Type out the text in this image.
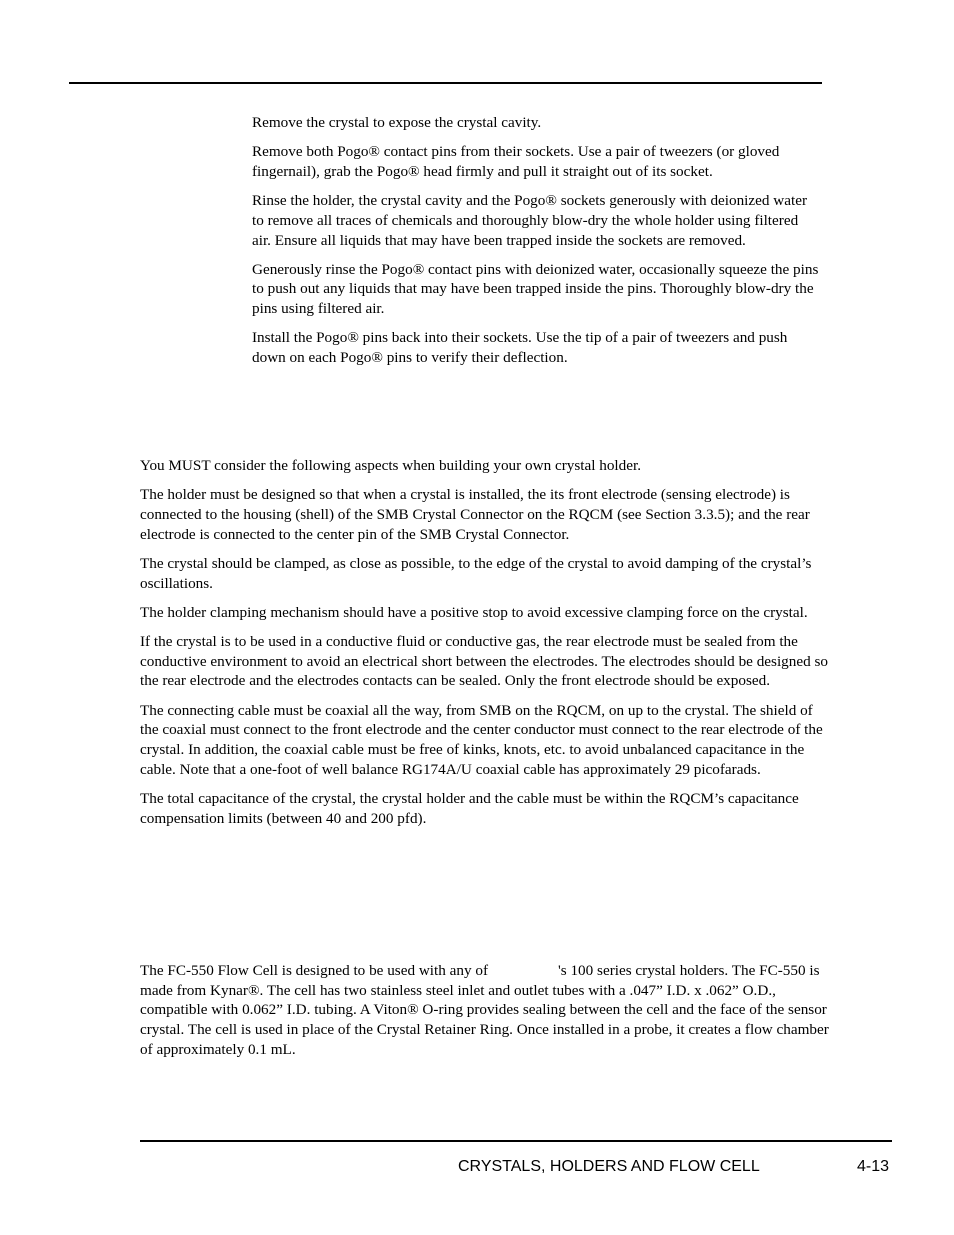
Remove the crystal to expose the crystal cavity.

Remove both Pogo® contact pins from their sockets. Use a pair of tweezers (or gloved fingernail), grab the Pogo® head firmly and pull it straight out of its socket.

Rinse the holder, the crystal cavity and the Pogo® sockets generously with deionized water to remove all traces of chemicals and thoroughly blow-dry the whole holder using filtered air. Ensure all liquids that may have been trapped inside the sockets are removed.

Generously rinse the Pogo® contact pins with deionized water, occasionally squeeze the pins to push out any liquids that may have been trapped inside the pins. Thoroughly blow-dry the pins using filtered air.

Install the Pogo® pins back into their sockets. Use the tip of a pair of tweezers and push down on each Pogo® pins to verify their deflection.

You MUST consider the following aspects when building your own crystal holder.

The holder must be designed so that when a crystal is installed, the its front electrode (sensing electrode) is connected to the housing (shell) of the SMB Crystal Connector on the RQCM (see Section 3.3.5); and the rear electrode is connected to the center pin of the SMB Crystal Connector.

The crystal should be clamped, as close as possible, to the edge of the crystal to avoid damping of the crystal’s oscillations.

The holder clamping mechanism should have a positive stop to avoid excessive clamping force on the crystal.

If the crystal is to be used in a conductive fluid or conductive gas, the rear electrode must be sealed from the conductive environment to avoid an electrical short between the electrodes. The electrodes should be designed so the rear electrode and the electrodes contacts can be sealed. Only the front electrode should be exposed.

The connecting cable must be coaxial all the way, from SMB on the RQCM, on up to the crystal. The shield of the coaxial must connect to the front electrode and the center conductor must connect to the rear electrode of the crystal. In addition, the coaxial cable must be free of kinks, knots, etc. to avoid unbalanced capacitance in the cable. Note that a one-foot of well balance RG174A/U coaxial cable has approximately 29 picofarads.

The total capacitance of the crystal, the crystal holder and the cable must be within the RQCM’s capacitance compensation limits (between 40 and 200 pfd).

The FC-550 Flow Cell is designed to be used with any of	's 100 series crystal holders. The FC-550 is made from Kynar®. The cell has two stainless steel inlet and outlet tubes with a .047” I.D. x .062” O.D., compatible with 0.062” I.D. tubing. A Viton® O-ring provides sealing between the cell and the face of the sensor crystal. The cell is used in place of the Crystal Retainer Ring. Once installed in a probe, it creates a flow chamber of approximately 0.1 mL.

CRYSTALS, HOLDERS AND FLOW CELL	4-13
